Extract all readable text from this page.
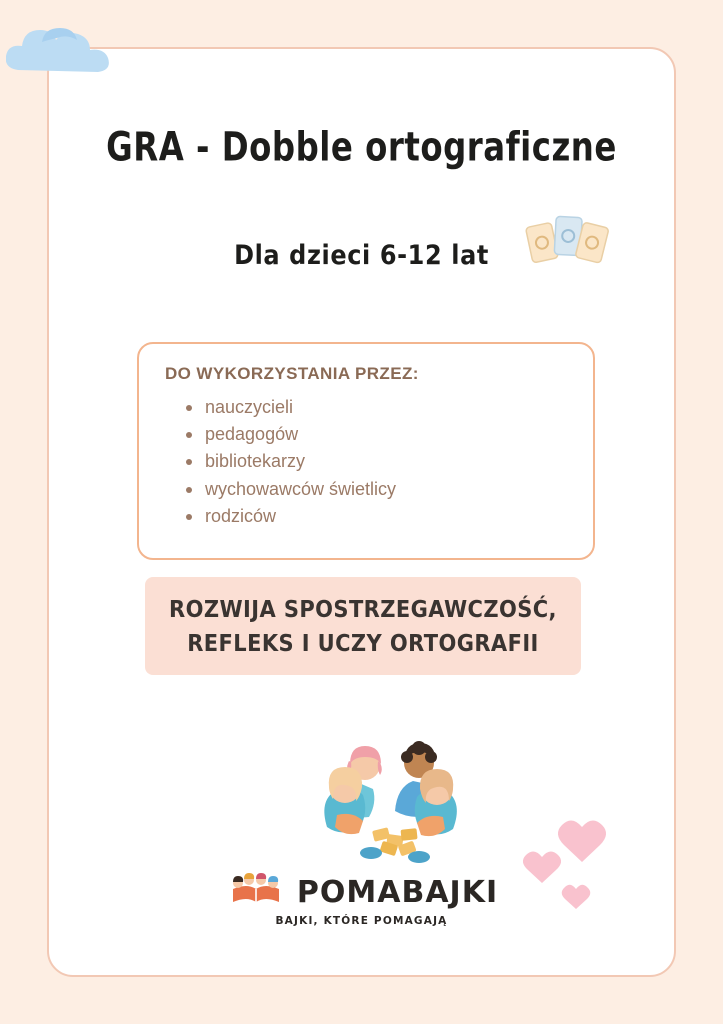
GRA - Dobble ortograficzne
Dla dzieci 6-12 lat
DO WYKORZYSTANIA PRZEZ:
nauczycieli
pedagogów
bibliotekarzy
wychowawców świetlicy
rodziców
ROZWIJA SPOSTRZEGAWCZOŚĆ,
REFLEKS I UCZY ORTOGRAFII
POMABAJKI
BAJKI, KTÓRE POMAGAJĄ
